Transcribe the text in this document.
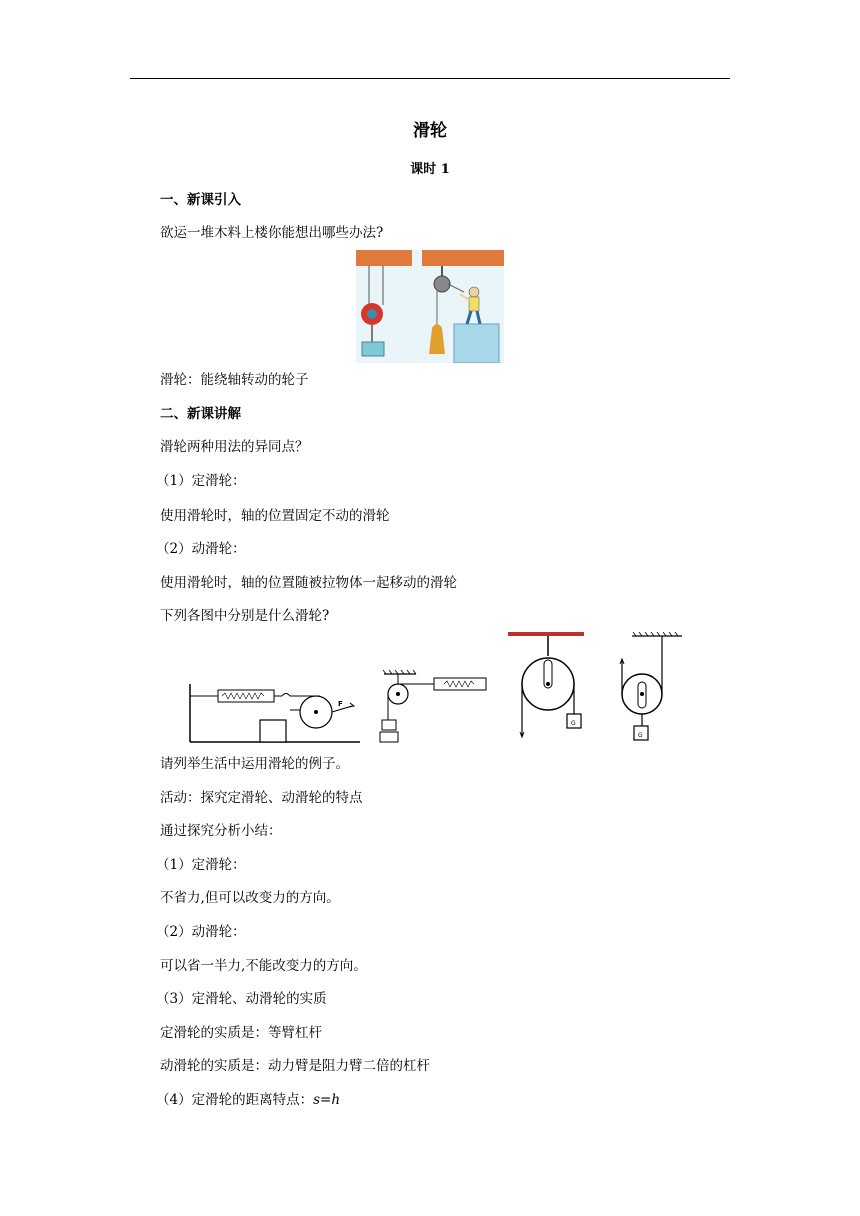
滑轮
课时 1
一、新课引入
欲运一堆木料上楼你能想出哪些办法?
滑轮：能绕轴转动的轮子
二、新课讲解
滑轮两种用法的异同点？
（1）定滑轮：
使用滑轮时，轴的位置固定不动的滑轮
（2）动滑轮：
使用滑轮时，轴的位置随被拉物体一起移动的滑轮
下列各图中分别是什么滑轮?
F
G
G
请列举生活中运用滑轮的例子。
活动：探究定滑轮、动滑轮的特点
通过探究分析小结：
（1）定滑轮：
不省力,但可以改变力的方向。
（2）动滑轮：
可以省一半力,不能改变力的方向。
（3）定滑轮、动滑轮的实质
定滑轮的实质是：等臂杠杆
动滑轮的实质是：动力臂是阻力臂二倍的杠杆
（4）定滑轮的距离特点：s=h
